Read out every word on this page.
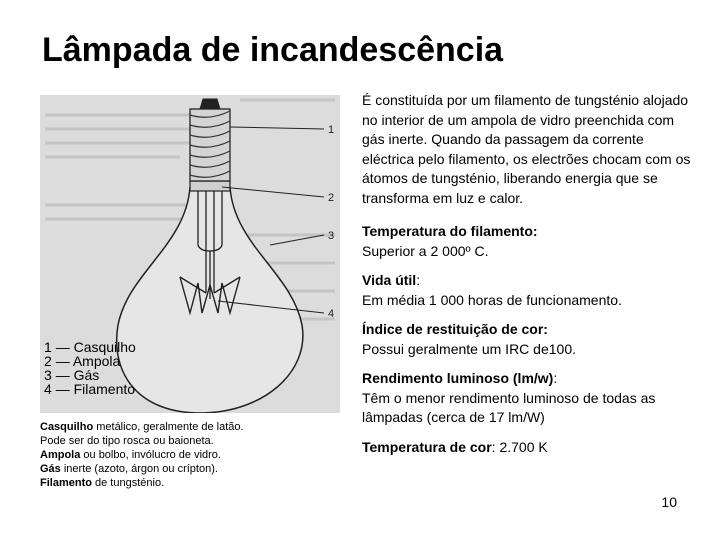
Lâmpada de incandescência
1
2
3
4
1 — Casquilho
2 — Ampola
3 — Gás
4 — Filamento
Casquilho metálico, geralmente de latão.
Pode ser do tipo rosca ou baioneta.
Ampola ou bolbo, invólucro de vidro.
Gás inerte (azoto, árgon ou crípton).
Filamento de tungsténio.

É constituída por um filamento de tungsténio alojado no interior de um ampola de vidro preenchida com gás inerte. Quando da passagem da corrente eléctrica pelo filamento, os electrões chocam com os átomos de tungsténio, liberando energia que se transforma em luz e calor.

Temperatura do filamento:
Superior a 2 000º C.
Vida útil:
Em média 1 000 horas de funcionamento.
Índice de restituição de cor:
Possui geralmente um IRC de100.
Rendimento luminoso (lm/w):
Têm o menor rendimento luminoso de todas as lâmpadas (cerca de 17 lm/W)
Temperatura de cor: 2.700 K
10
